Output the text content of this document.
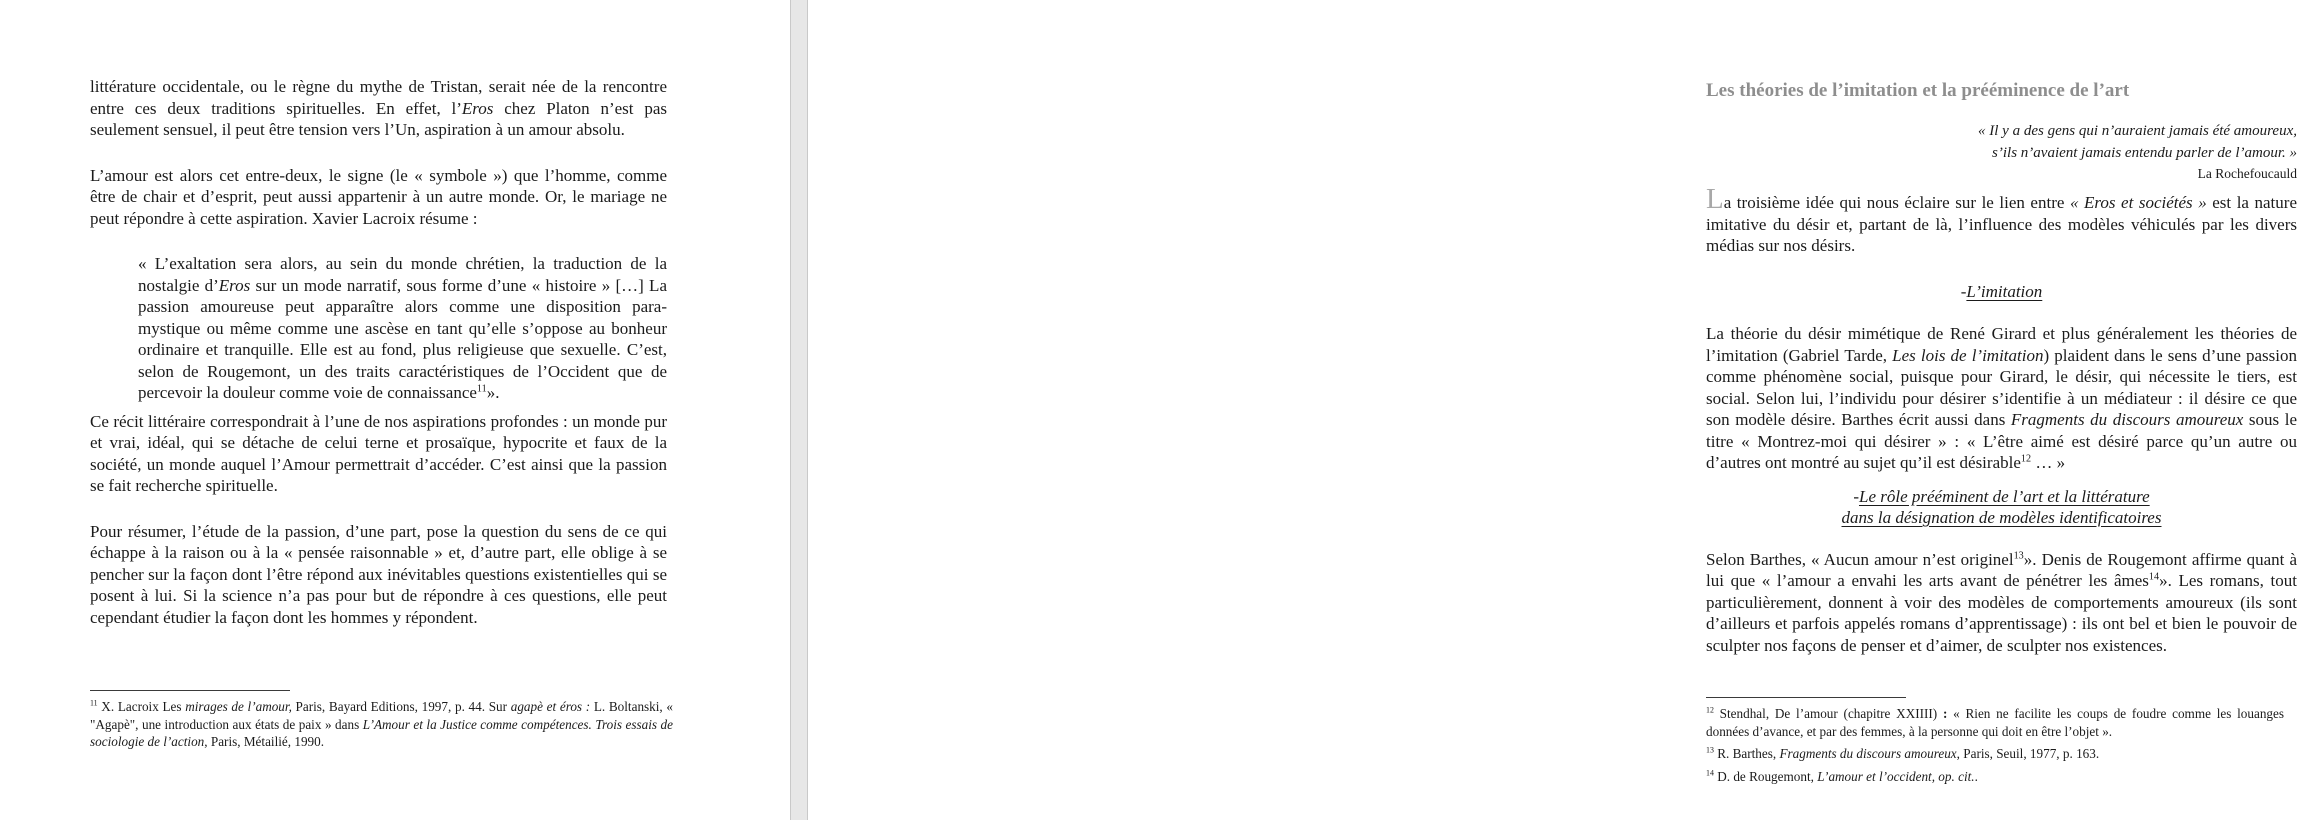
littérature occidentale, ou le règne du mythe de Tristan, serait née de la rencontre entre ces deux traditions spirituelles. En effet, l’Eros chez Platon n’est pas seulement sensuel, il peut être tension vers l’Un, aspiration à un amour absolu.

L’amour est alors cet entre-deux, le signe (le « symbole ») que l’homme, comme être de chair et d’esprit, peut aussi appartenir à un autre monde. Or, le mariage ne peut répondre à cette aspiration. Xavier Lacroix résume :

« L’exaltation sera alors, au sein du monde chrétien, la traduction de la nostalgie d’Eros sur un mode narratif, sous forme d’une « histoire » […] La passion amoureuse peut apparaître alors comme une disposition para-mystique ou même comme une ascèse en tant qu’elle s’oppose au bonheur ordinaire et tranquille. Elle est au fond, plus religieuse que sexuelle. C’est, selon de Rougemont, un des traits caractéristiques de l’Occident que de percevoir la douleur comme voie de connaissance$^{11}$».

Ce récit littéraire correspondrait à l’une de nos aspirations profondes : un monde pur et vrai, idéal, qui se détache de celui terne et prosaïque, hypocrite et faux de la société, un monde auquel l’Amour permettrait d’accéder. C’est ainsi que la passion se fait recherche spirituelle.

Pour résumer, l’étude de la passion, d’une part, pose la question du sens de ce qui échappe à la raison ou à la « pensée raisonnable » et, d’autre part, elle oblige à se pencher sur la façon dont l’être répond aux inévitables questions existentielles qui se posent à lui. Si la science n’a pas pour but de répondre à ces questions, elle peut cependant étudier la façon dont les hommes y répondent.

$^{11}$ X. Lacroix Les mirages de l’amour, Paris, Bayard Editions, 1997, p. 44. Sur agapè et éros : L. Boltanski, « "Agapè", une introduction aux états de paix » dans L’Amour et la Justice comme compétences. Trois essais de sociologie de l’action, Paris, Métailié, 1990.

Les théories de l’imitation et la prééminence de l’art
« Il y a des gens qui n’auraient jamais été amoureux,
s’ils n’avaient jamais entendu parler de l’amour. »
La Rochefoucauld

La troisième idée qui nous éclaire sur le lien entre « Eros et sociétés » est la nature imitative du désir et, partant de là, l’influence des modèles véhiculés par les divers médias sur nos désirs.

-L’imitation

La théorie du désir mimétique de René Girard et plus généralement les théories de l’imitation (Gabriel Tarde, Les lois de l’imitation) plaident dans le sens d’une passion comme phénomène social, puisque pour Girard, le désir, qui nécessite le tiers, est social. Selon lui, l’individu pour désirer s’identifie à un médiateur : il désire ce que son modèle désire. Barthes écrit aussi dans Fragments du discours amoureux sous le titre « Montrez-moi qui désirer » : « L’être aimé est désiré parce qu’un autre ou d’autres ont montré au sujet qu’il est désirable$^{12}$ … »

-Le rôle prééminent de l’art et la littérature
dans la désignation de modèles identificatoires

Selon Barthes, « Aucun amour n’est originel$^{13}$». Denis de Rougemont affirme quant à lui que « l’amour a envahi les arts avant de pénétrer les âmes$^{14}$». Les romans, tout particulièrement, donnent à voir des modèles de comportements amoureux (ils sont d’ailleurs et parfois appelés romans d’apprentissage) : ils ont bel et bien le pouvoir de sculpter nos façons de penser et d’aimer, de sculpter nos existences.

$^{12}$ Stendhal, De l’amour (chapitre XXIIII) : « Rien ne facilite les coups de foudre comme les louanges données d’avance, et par des femmes, à la personne qui doit en être l’objet ».

$^{13}$ R. Barthes, Fragments du discours amoureux, Paris, Seuil, 1977, p. 163.

$^{14}$ D. de Rougemont, L’amour et l’occident, op. cit..
